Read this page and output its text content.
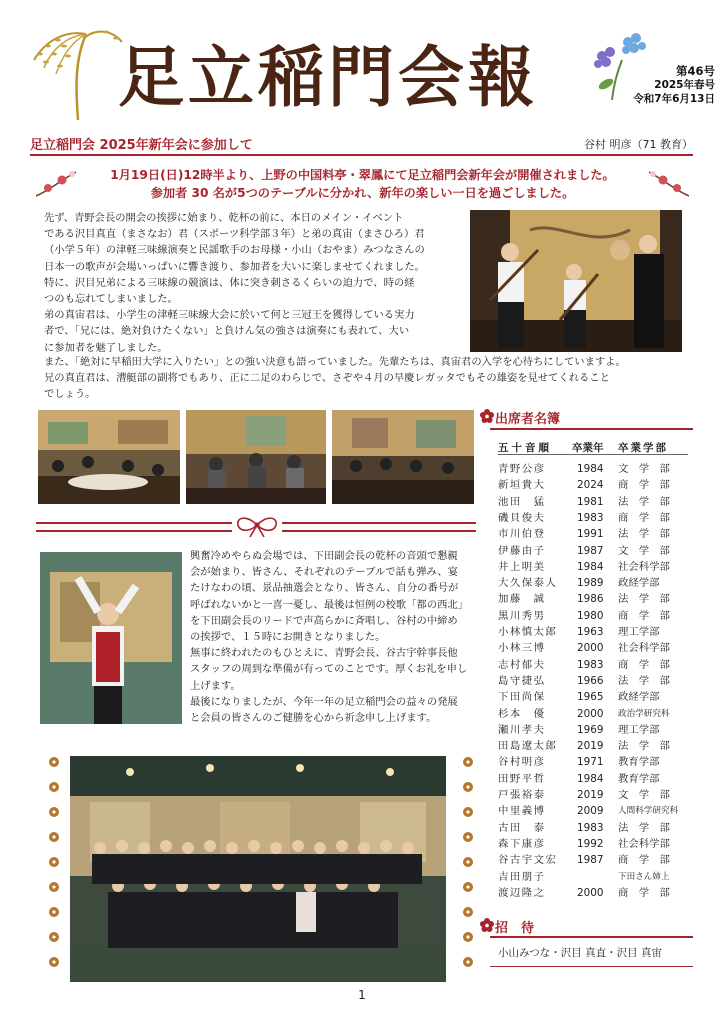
足立稲門会報	第46号
2025年春号
令和7年6月13日
足立稲門会 2025年新年会に参加して	谷村 明彦（71 教育）
1月19日(日)12時半より、上野の中国料亭・翠鳳にて足立稲門会新年会が開催されました。
参加者 30 名が5つのテーブルに分かれ、新年の楽しい一日を過ごしました。

先ず、青野会長の開会の挨拶に始まり、乾杯の前に、本日のメイン・イベント

である沢目真直（まさなお）君（スポーツ科学部３年）と弟の真宙（まさひろ）君

（小学５年）の津軽三味線演奏と民謡歌手のお母様・小山（おやま）みつなさんの

日本一の歌声が会場いっぱいに響き渡り、参加者を大いに楽しませてくれました。

特に、沢目兄弟による三味線の競演は、体に突き刺さるくらいの迫力で、時の経

つのも忘れてしまいました。

弟の真宙君は、小学生の津軽三味線大会に於いて何と三冠王を獲得している実力

者で、「兄には、絶対負けたくない」と負けん気の強さは演奏にも表れて、大い

に参加者を魅了しました。

また、「絶対に早稲田大学に入りたい」との強い決意も語っていました。先輩たちは、真宙君の入学を心待ちにしていますよ。

兄の真直君は、漕艇部の副将でもあり、正に二足のわらじで、さぞや４月の早慶レガッタでもその雄姿を見せてくれること

でしょう。

興奮冷めやらぬ会場では、下田副会長の乾杯の音頭で懇親

会が始まり、皆さん、それぞれのテーブルで話も弾み、宴

たけなわの頃、景品抽選会となり、皆さん、自分の番号が

呼ばれないかと一喜一憂し、最後は恒例の校歌「都の西北」

を下田副会長のリードで声高らかに斉唱し、谷村の中締め

の挨拶で、１５時にお開きとなりました。

無事に終われたのもひとえに、青野会長、谷古宇幹事長他

スタッフの周到な準備が有ってのことです。厚くお礼を申し

上げます。

最後になりましたが、今年一年の足立稲門会の益々の発展

と会員の皆さんのご健勝を心から祈念申し上げます。

出席者名簿
五十音順 卒業年 卒業学部
青野公彦	1984	文　学　部
新垣貴大	2024	商　学　部
池田　猛	1981	法　学　部
磯貝俊夫	1983	商　学　部
市川伯登	1991	法　学　部
伊藤由子	1987	文　学　部
井上明美	1984	社会科学部
大久保泰人	1989	政経学部
加藤　誠	1986	法　学　部
黒川秀男	1980	商　学　部
小林慎太郎	1963	理工学部
小林三博	2000	社会科学部
志村郁夫	1983	商　学　部
島守捷弘	1966	法　学　部
下田尚保	1965	政経学部
杉本　優	2000	政治学研究科
瀬川孝夫	1969	理工学部
田島遼太郎	2019	法　学　部
谷村明彦	1971	教育学部
田野平哲	1984	教育学部
戸張裕泰	2019	文　学　部
中里義博	2009	人間科学研究科
古田　泰	1983	法　学　部
森下康彦	1992	社会科学部
谷古宇文宏	1987	商　学　部
吉田朋子	下田さん姉上
渡辺隆之	2000	商　学　部
招　待
小山みつな・沢目 真直・沢目 真宙
1
